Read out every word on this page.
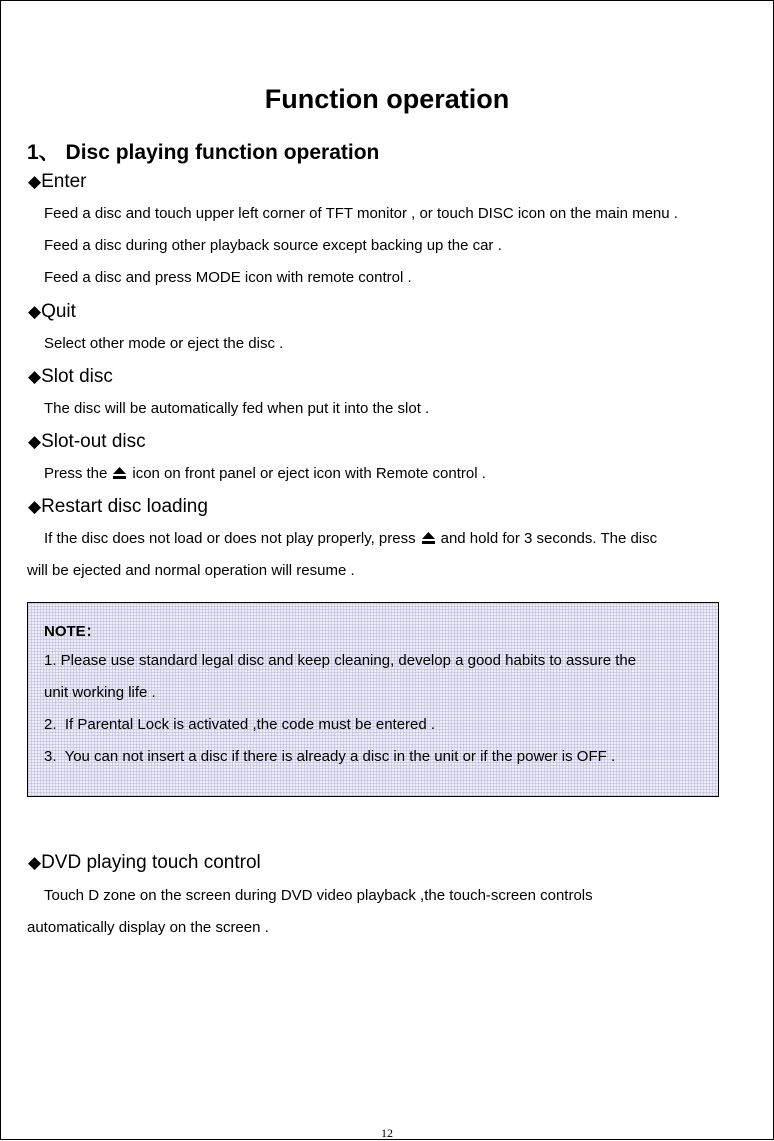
Function operation
1、 Disc playing function operation
◆Enter
Feed a disc and touch upper left corner of TFT monitor , or touch DISC icon on the main menu .
Feed a disc during other playback source except backing up the car .
Feed a disc and press MODE icon with remote control .
◆Quit
Select other mode or eject the disc .
◆Slot disc
The disc will be automatically fed when put it into the slot .
◆Slot-out disc
Press the icon on front panel or eject icon with Remote control .
◆Restart disc loading
If the disc does not load or does not play properly, press and hold for 3 seconds. The disc
will be ejected and normal operation will resume .
NOTE：
1. Please use standard legal disc and keep cleaning, develop a good habits to assure the
unit working life .
2.  If Parental Lock is activated ,the code must be entered .
3.  You can not insert a disc if there is already a disc in the unit or if the power is OFF .
◆DVD playing touch control
Touch D zone on the screen during DVD video playback ,the touch-screen controls
automatically display on the screen .
12
